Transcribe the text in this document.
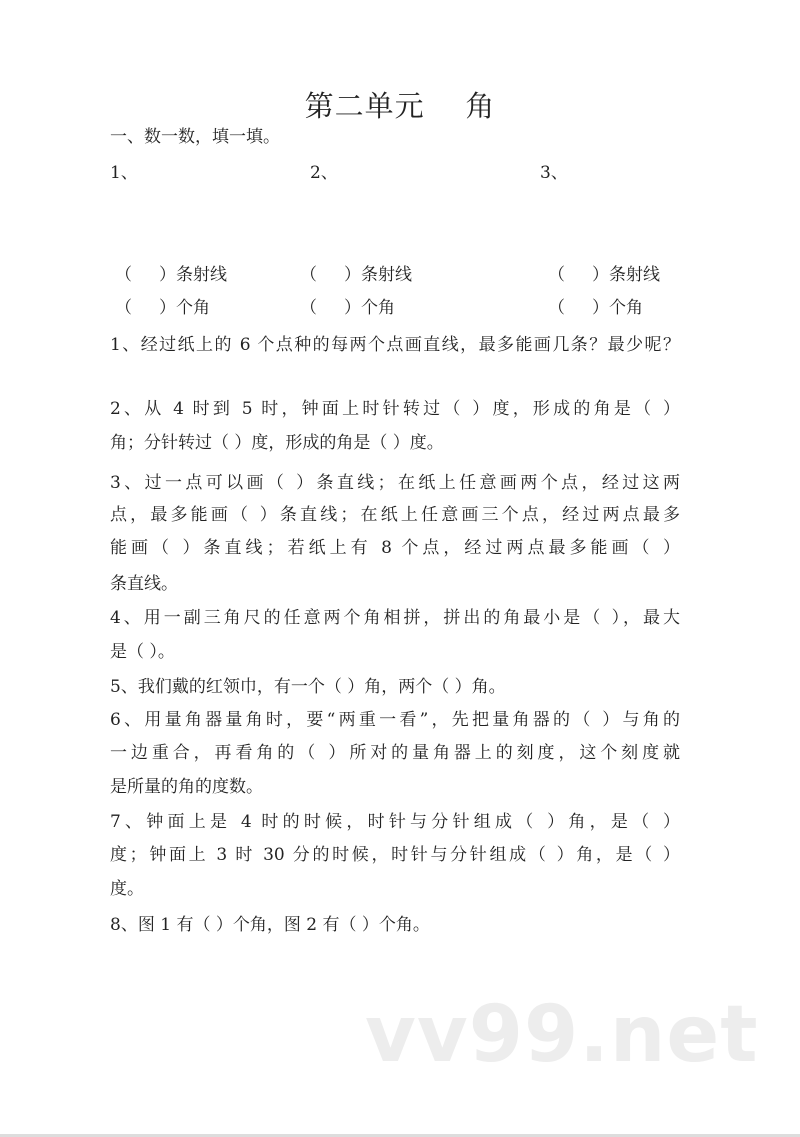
第二单元    角
一、数一数，填一填。
1、	2、	3、
（     ）条射线	（     ）条射线	（     ）条射线
（     ）个角	（     ）个角	（     ）个角
1、经过纸上的 6 个点种的每两个点画直线，最多能画几条？最少呢？
2、从 4 时到 5 时，钟面上时针转过（ ）度，形成的角是（ ）
角；分针转过（ ）度，形成的角是（ ）度。
3、过一点可以画（ ）条直线；在纸上任意画两个点，经过这两
点，最多能画（ ）条直线；在纸上任意画三个点，经过两点最多
能画（ ）条直线；若纸上有 8 个点，经过两点最多能画（ ）
条直线。
4、用一副三角尺的任意两个角相拼，拼出的角最小是（ ），最大
是（ ）。
5、我们戴的红领巾，有一个（ ）角，两个（ ）角。
6、用量角器量角时，要“两重一看”，先把量角器的（ ）与角的
一边重合，再看角的（ ）所对的量角器上的刻度，这个刻度就
是所量的角的度数。
7、钟面上是 4 时的时候，时针与分针组成（ ）角，是（ ）
度；钟面上 3 时 30 分的时候，时针与分针组成（ ）角，是（ ）
度。
8、图 1 有（ ）个角，图 2 有（ ）个角。
vv99.net
